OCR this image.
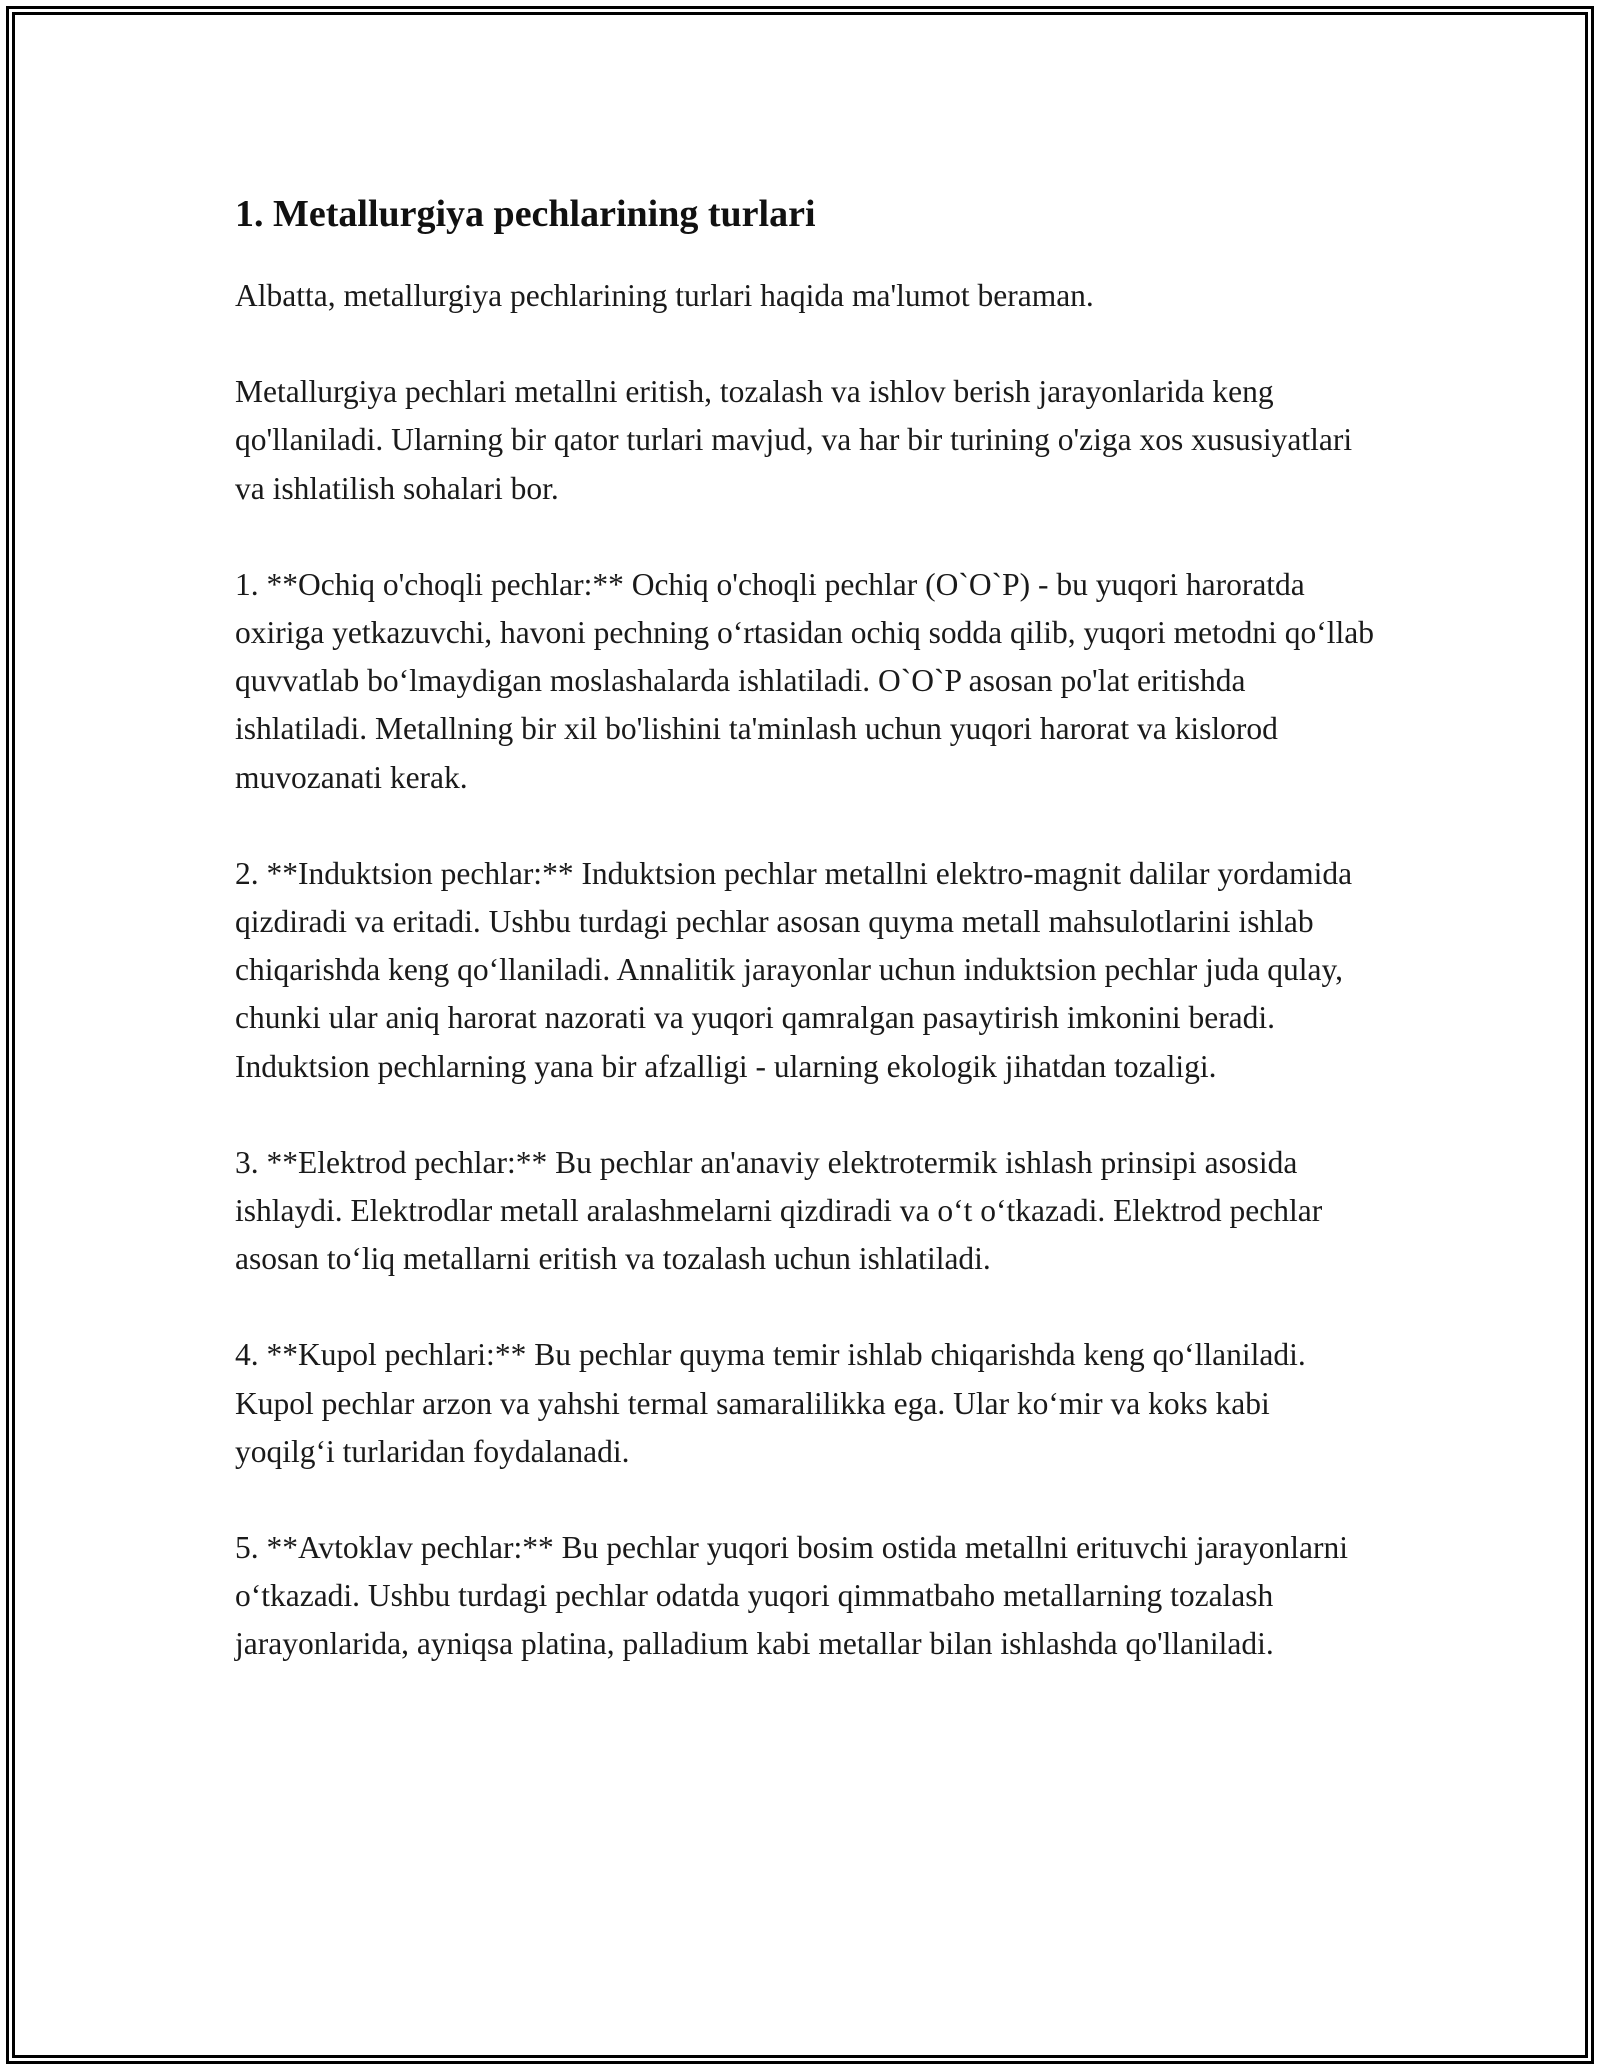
1. Metallurgiya pechlarining turlari

Albatta, metallurgiya pechlarining turlari haqida ma'lumot beraman.

Metallurgiya pechlari metallni eritish, tozalash va ishlov berish jarayonlarida keng qo'llaniladi. Ularning bir qator turlari mavjud, va har bir turining o'ziga xos xususiyatlari va ishlatilish sohalari bor.

1. **Ochiq o'choqli pechlar:** Ochiq o'choqli pechlar (O`O`P) - bu yuqori haroratda oxiriga yetkazuvchi, havoni pechning o‘rtasidan ochiq sodda qilib, yuqori metodni qo‘llab quvvatlab bo‘lmaydigan moslashalarda ishlatiladi. O`O`P asosan po'lat eritishda ishlatiladi. Metallning bir xil bo'lishini ta'minlash uchun yuqori harorat va kislorod muvozanati kerak.

2. **Induktsion pechlar:** Induktsion pechlar metallni elektro-magnit dalilar yordamida qizdiradi va eritadi. Ushbu turdagi pechlar asosan quyma metall mahsulotlarini ishlab chiqarishda keng qo‘llaniladi. Annalitik jarayonlar uchun induktsion pechlar juda qulay, chunki ular aniq harorat nazorati va yuqori qamralgan pasaytirish imkonini beradi. Induktsion pechlarning yana bir afzalligi - ularning ekologik jihatdan tozaligi.

3. **Elektrod pechlar:** Bu pechlar an'anaviy elektrotermik ishlash prinsipi asosida ishlaydi. Elektrodlar metall aralashmelarni qizdiradi va o‘t o‘tkazadi. Elektrod pechlar asosan to‘liq metallarni eritish va tozalash uchun ishlatiladi.

4. **Kupol pechlari:** Bu pechlar quyma temir ishlab chiqarishda keng qo‘llaniladi. Kupol pechlar arzon va yahshi termal samaralilikka ega. Ular ko‘mir va koks kabi yoqilg‘i turlaridan foydalanadi.

5. **Avtoklav pechlar:** Bu pechlar yuqori bosim ostida metallni erituvchi jarayonlarni o‘tkazadi. Ushbu turdagi pechlar odatda yuqori qimmatbaho metallarning tozalash jarayonlarida, ayniqsa platina, palladium kabi metallar bilan ishlashda qo'llaniladi.
